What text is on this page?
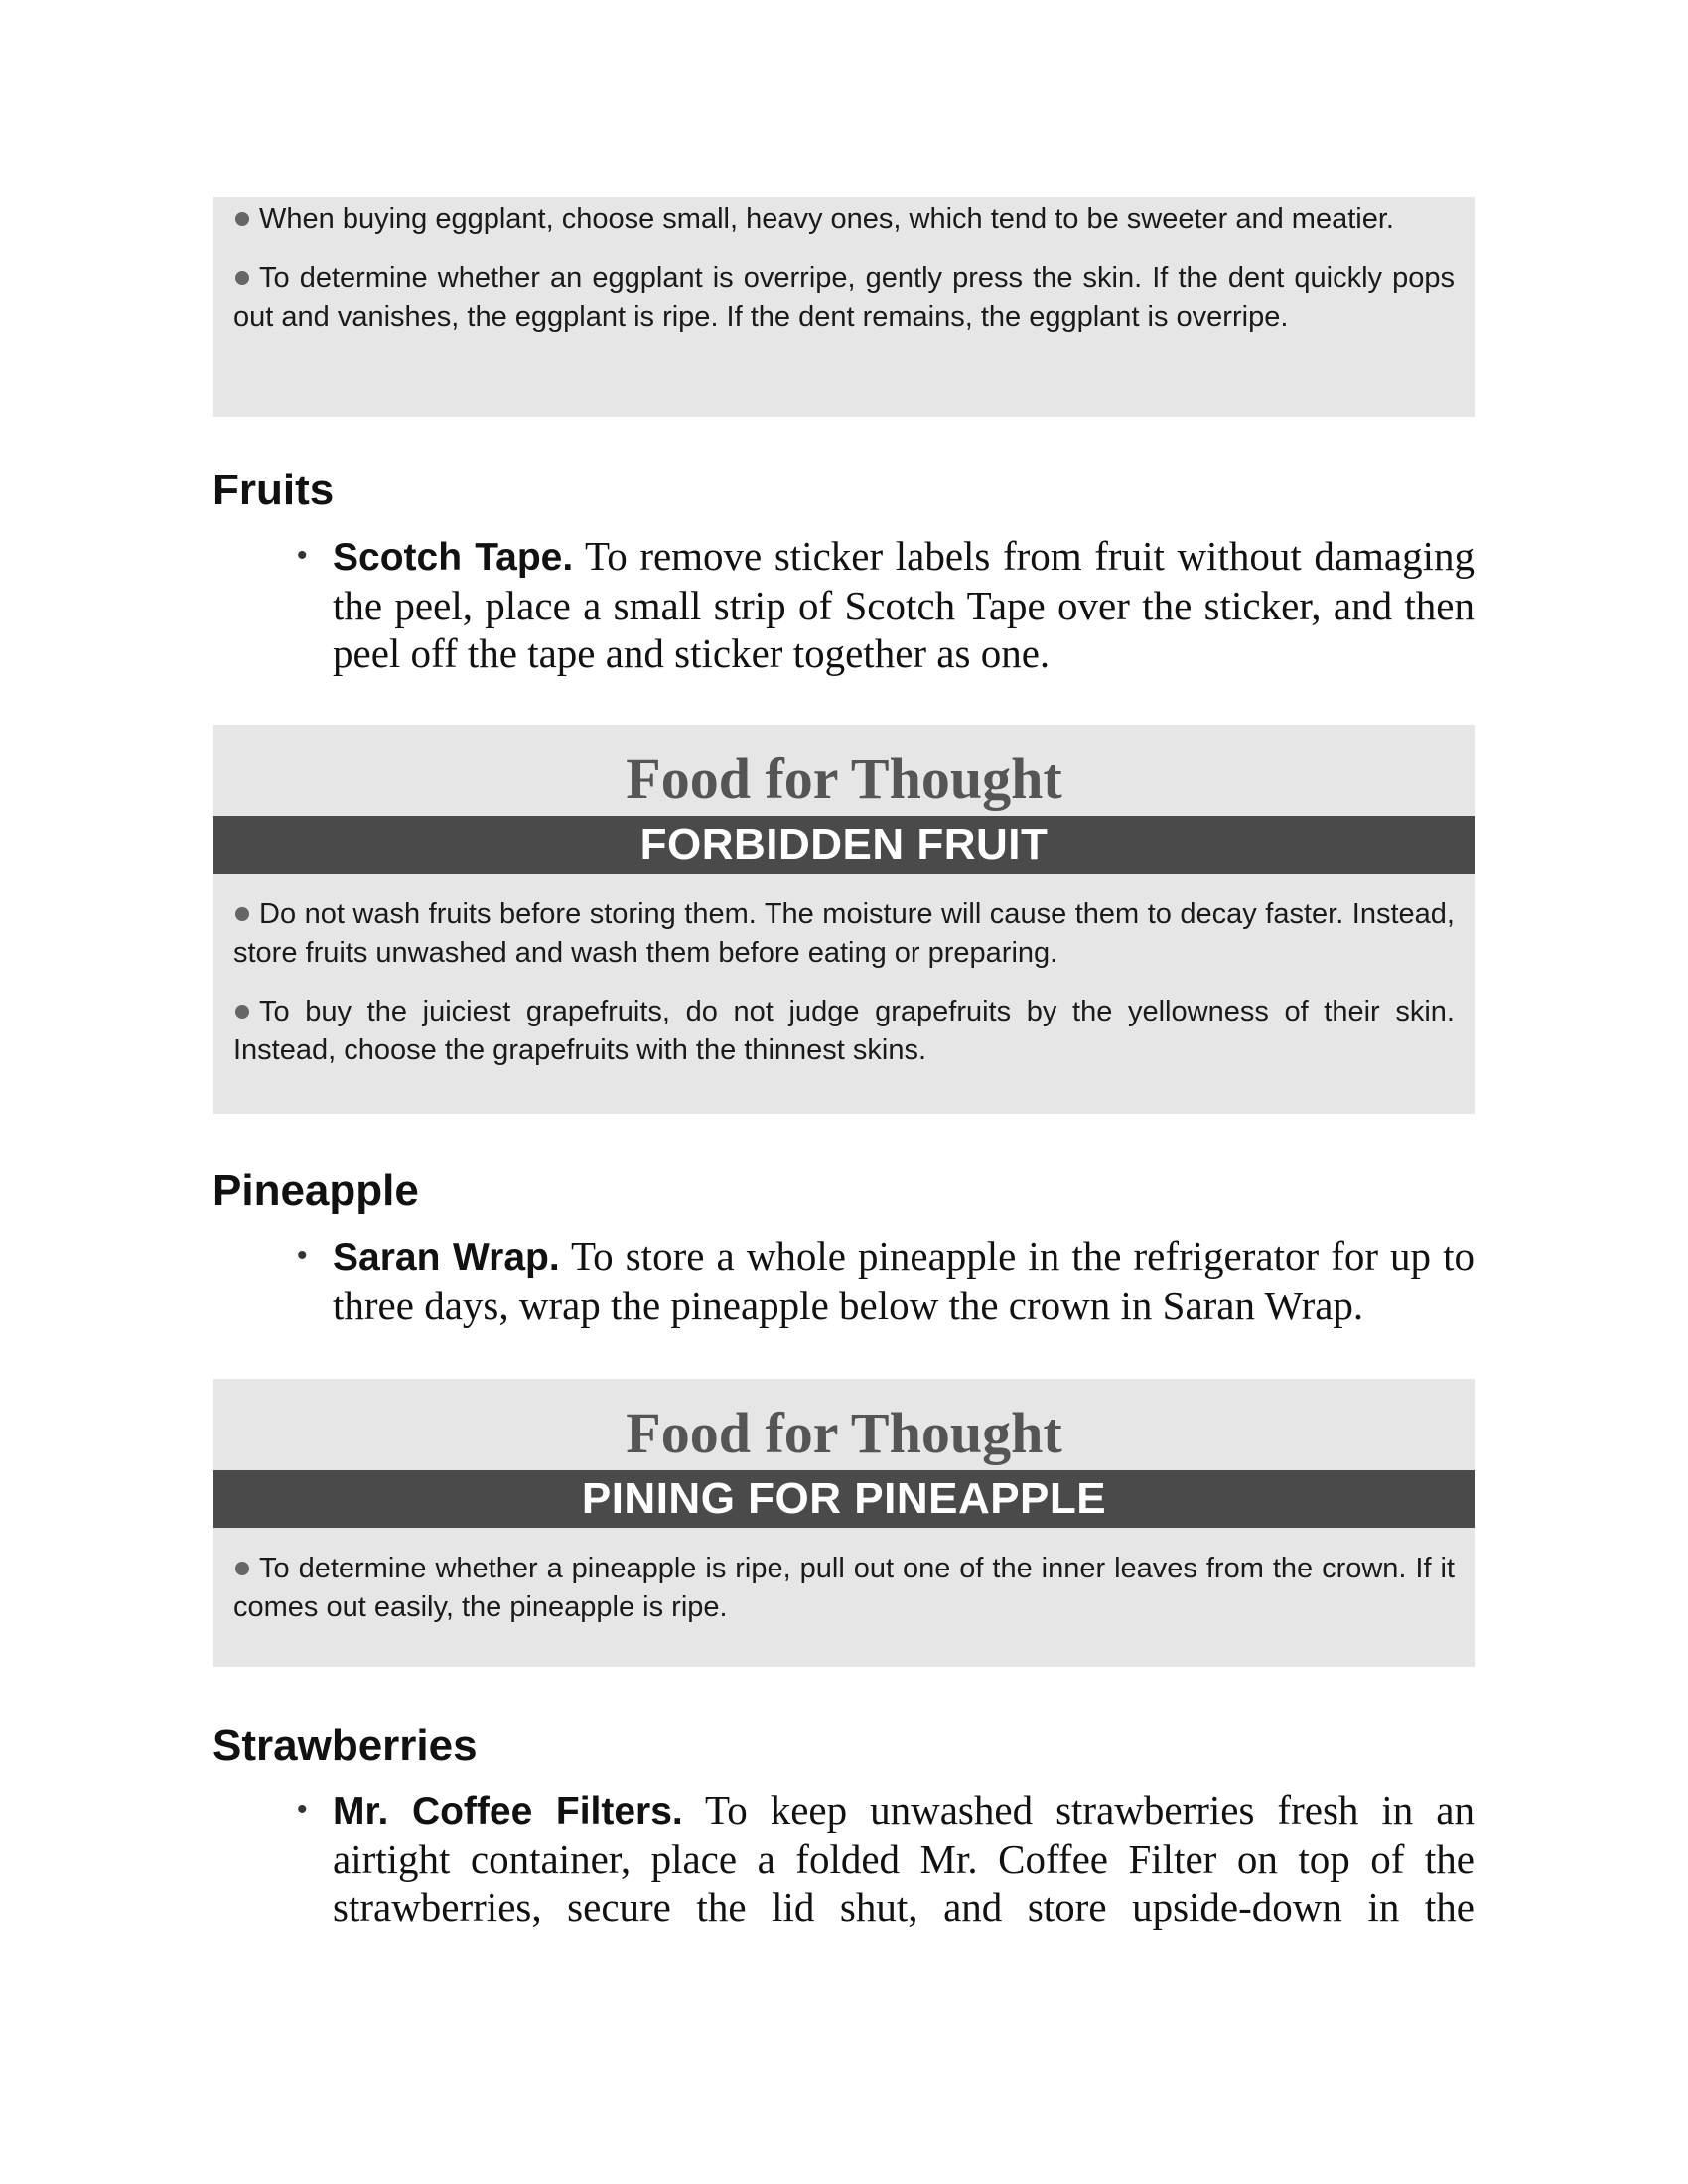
When buying eggplant, choose small, heavy ones, which tend to be sweeter and meatier.
To determine whether an eggplant is overripe, gently press the skin. If the dent quickly pops out and vanishes, the eggplant is ripe. If the dent remains, the eggplant is overripe.
Fruits
• Scotch Tape. To remove sticker labels from fruit without damaging the peel, place a small strip of Scotch Tape over the sticker, and then peel off the tape and sticker together as one.
Food for Thought
FORBIDDEN FRUIT
Do not wash fruits before storing them. The moisture will cause them to decay faster. Instead, store fruits unwashed and wash them before eating or preparing.
To buy the juiciest grapefruits, do not judge grapefruits by the yellowness of their skin. Instead, choose the grapefruits with the thinnest skins.
Pineapple
• Saran Wrap. To store a whole pineapple in the refrigerator for up to three days, wrap the pineapple below the crown in Saran Wrap.
Food for Thought
PINING FOR PINEAPPLE
To determine whether a pineapple is ripe, pull out one of the inner leaves from the crown. If it comes out easily, the pineapple is ripe.
Strawberries
• Mr. Coffee Filters. To keep unwashed strawberries fresh in an airtight container, place a folded Mr. Coffee Filter on top of the strawberries, secure the lid shut, and store upside-down in the
